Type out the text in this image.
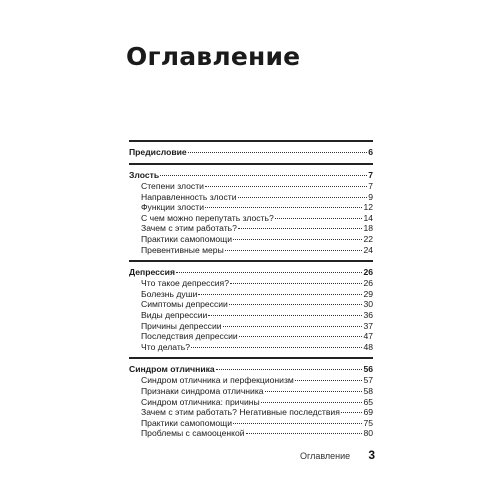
Оглавление
Предисловие	6
Злость	7
Степени злости	7
Направленность злости	9
Функции злости	12
С чем можно перепутать злость?	14
Зачем с этим работать?	18
Практики самопомощи	22
Превентивные меры	24
Депрессия	26
Что такое депрессия?	26
Болезнь души	29
Симптомы депрессии	30
Виды депрессии	36
Причины депрессии	37
Последствия депрессии	47
Что делать?	48
Синдром отличника	56
Синдром отличника и перфекционизм	57
Признаки синдрома отличника	58
Синдром отличника: причины	65
Зачем с этим работать? Негативные последствия	69
Практики самопомощи	75
Проблемы с самооценкой	80
Оглавление 3
